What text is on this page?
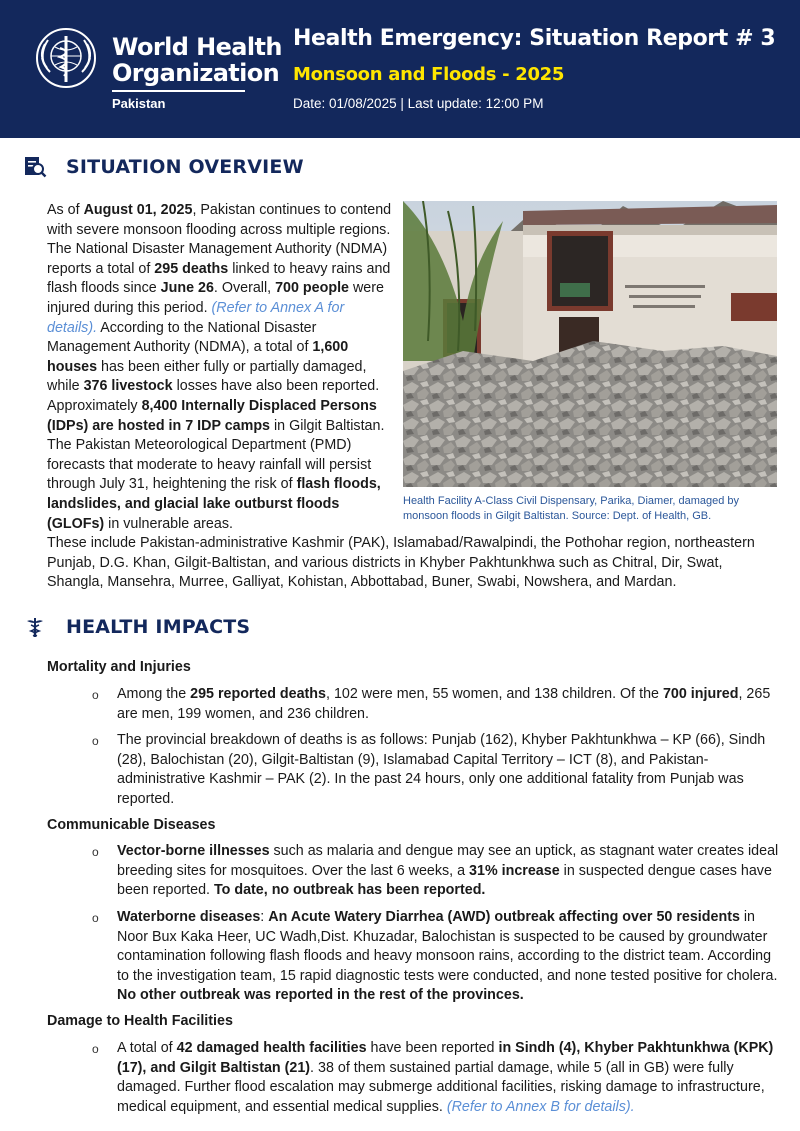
World Health
Organization
Pakistan
Health Emergency: Situation Report # 3
Monsoon and Floods - 2025
Date: 01/08/2025 | Last update: 12:00 PM
SITUATION OVERVIEW
As of August 01, 2025, Pakistan continues to contend with severe monsoon flooding across multiple regions. The National Disaster Management Authority (NDMA) reports a total of 295 deaths linked to heavy rains and flash floods since June 26. Overall, 700 people were injured during this period. (Refer to Annex A for details). According to the National Disaster Management Authority (NDMA), a total of 1,600 houses has been either fully or partially damaged, while 376 livestock losses have also been reported. Approximately 8,400 Internally Displaced Persons (IDPs) are hosted in 7 IDP camps in Gilgit Baltistan. The Pakistan Meteorological Department (PMD) forecasts that moderate to heavy rainfall will persist through July 31, heightening the risk of flash floods, landslides, and glacial lake outburst floods (GLOFs) in vulnerable areas.
These include Pakistan-administrative Kashmir (PAK), Islamabad/Rawalpindi, the Pothohar region, northeastern Punjab, D.G. Khan, Gilgit-Baltistan, and various districts in Khyber Pakhtunkhwa such as Chitral, Dir, Swat, Shangla, Mansehra, Murree, Galliyat, Kohistan, Abbottabad, Buner, Swabi, Nowshera, and Mardan.
Health Facility A-Class Civil Dispensary, Parika, Diamer, damaged by monsoon floods in Gilgit Baltistan. Source: Dept. of Health, GB.
HEALTH IMPACTS
Mortality and Injuries
o Among the 295 reported deaths, 102 were men, 55 women, and 138 children. Of the 700 injured, 265 are men, 199 women, and 236 children.
o The provincial breakdown of deaths is as follows: Punjab (162), Khyber Pakhtunkhwa – KP (66), Sindh (28), Balochistan (20), Gilgit-Baltistan (9), Islamabad Capital Territory – ICT (8), and Pakistan-administrative Kashmir – PAK (2). In the past 24 hours, only one additional fatality from Punjab was reported.
Communicable Diseases
o Vector-borne illnesses such as malaria and dengue may see an uptick, as stagnant water creates ideal breeding sites for mosquitoes. Over the last 6 weeks, a 31% increase in suspected dengue cases have been reported. To date, no outbreak has been reported.
o Waterborne diseases: An Acute Watery Diarrhea (AWD) outbreak affecting over 50 residents in Noor Bux Kaka Heer, UC Wadh,Dist. Khuzadar, Balochistan is suspected to be caused by groundwater contamination following flash floods and heavy monsoon rains, according to the district team. According to the investigation team, 15 rapid diagnostic tests were conducted, and none tested positive for cholera. No other outbreak was reported in the rest of the provinces.
Damage to Health Facilities
o A total of 42 damaged health facilities have been reported in Sindh (4), Khyber Pakhtunkhwa (KPK) (17), and Gilgit Baltistan (21). 38 of them sustained partial damage, while 5 (all in GB) were fully damaged. Further flood escalation may submerge additional facilities, risking damage to infrastructure, medical equipment, and essential medical supplies. (Refer to Annex B for details).
